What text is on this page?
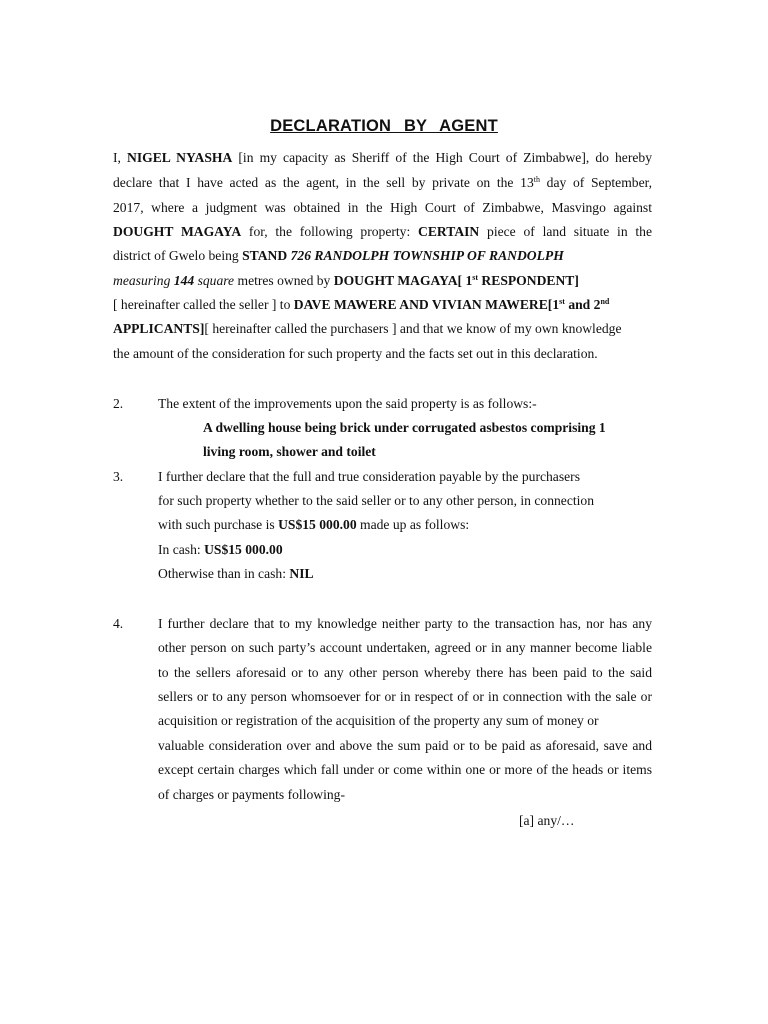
DECLARATION BY AGENT
I, NIGEL NYASHA [in my capacity as Sheriff of the High Court of Zimbabwe], do hereby
declare that I have acted as the agent, in the sell by private on the 13th day of September,
2017, where a judgment was obtained in the High Court of Zimbabwe, Masvingo against
DOUGHT MAGAYA for, the following property: CERTAIN piece of land situate in the
district of Gwelo being STAND 726 RANDOLPH TOWNSHIP OF RANDOLPH
measuring 144 square metres owned by DOUGHT MAGAYA[ 1st RESPONDENT]
[ hereinafter called the seller ] to DAVE MAWERE AND VIVIAN MAWERE[1st and 2nd
APPLICANTS][ hereinafter called the purchasers ] and that we know of my own knowledge
the amount of the consideration for such property and the facts set out in this declaration.
2.	The extent of the improvements upon the said property is as follows:-
A dwelling house being brick under corrugated asbestos comprising 1
living room, shower and toilet
3.	I further declare that the full and true consideration payable by the purchasers
for such property whether to the said seller or to any other person, in connection
with such purchase is US$15 000.00 made up as follows:
In cash: US$15 000.00
Otherwise than in cash: NIL
4.	I further declare that to my knowledge neither party to the transaction has, nor has any
other person on such party’s account undertaken, agreed or in any manner become liable
to the sellers aforesaid or to any other person whereby there has been paid to the said
sellers or to any person whomsoever for or in respect of or in connection with the sale or
acquisition or registration of the acquisition of the property any sum of money or
valuable consideration over and above the sum paid or to be paid as aforesaid, save and
except certain charges which fall under or come within one or more of the heads or items
of charges or payments following-
[a] any/…
